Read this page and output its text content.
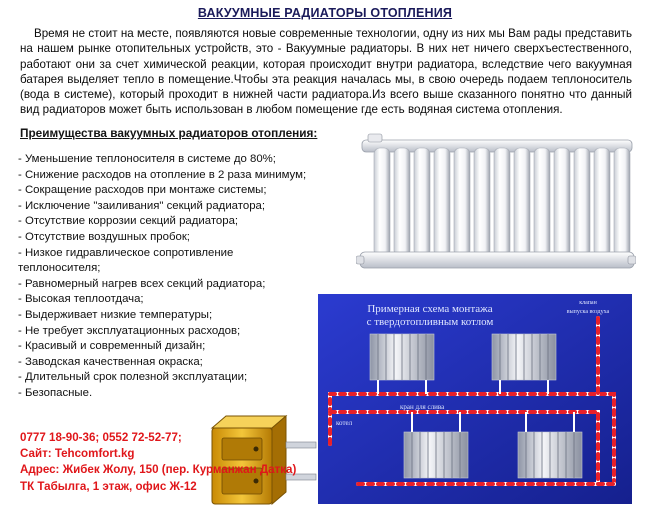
ВАКУУМНЫЕ РАДИАТОРЫ ОТОПЛЕНИЯ
Время не стоит на месте, появляются новые современные технологии, одну из них мы Вам рады представить на нашем рынке отопительных устройств, это - Вакуумные радиаторы. В них нет ничего сверхъестественного, работают они за счет химической реакции, которая происходит внутри радиатора, вследствие чего вакуумная батарея выделяет тепло в помещение.Чтобы эта реакция началась мы, в свою очередь подаем теплоноситель (вода в системе), который проходит в нижней части радиатора.Из всего выше сказанного понятно что данный вид радиаторов может быть использован в любом помещение где есть водяная система отопления.
Преимущества вакуумных радиаторов отопления:
- Уменьшение теплоносителя в системе до 80%;
- Снижение расходов на отопление в 2 раза минимум;
- Сокращение расходов при монтаже системы;
- Исключение "заиливания" секций радиатора;
- Отсутствие коррозии секций радиатора;
- Отсутствие воздушных пробок;
- Низкое гидравлическое сопротивление теплоносителя;
- Равномерный нагрев всех секций радиатора;
- Высокая теплоотдача;
- Выдерживает низкие температуры;
- Не требует эксплуатационных расходов;
- Красивый и современный дизайн;
- Заводская качественная окраска;
- Длительный срок полезной эксплуатации;
- Безопасные.
Примерная схема монтажа
с твердотопливным котлом
клапан
выпуска воздуха
котел
кран для слива
0777 18-90-36; 0552 72-52-77;
Сайт: Tehcomfort.kg
Адрес: Жибек Жолу, 150 (пер. Курманжан Датка)
ТК Табылга, 1 этаж, офис Ж-12
